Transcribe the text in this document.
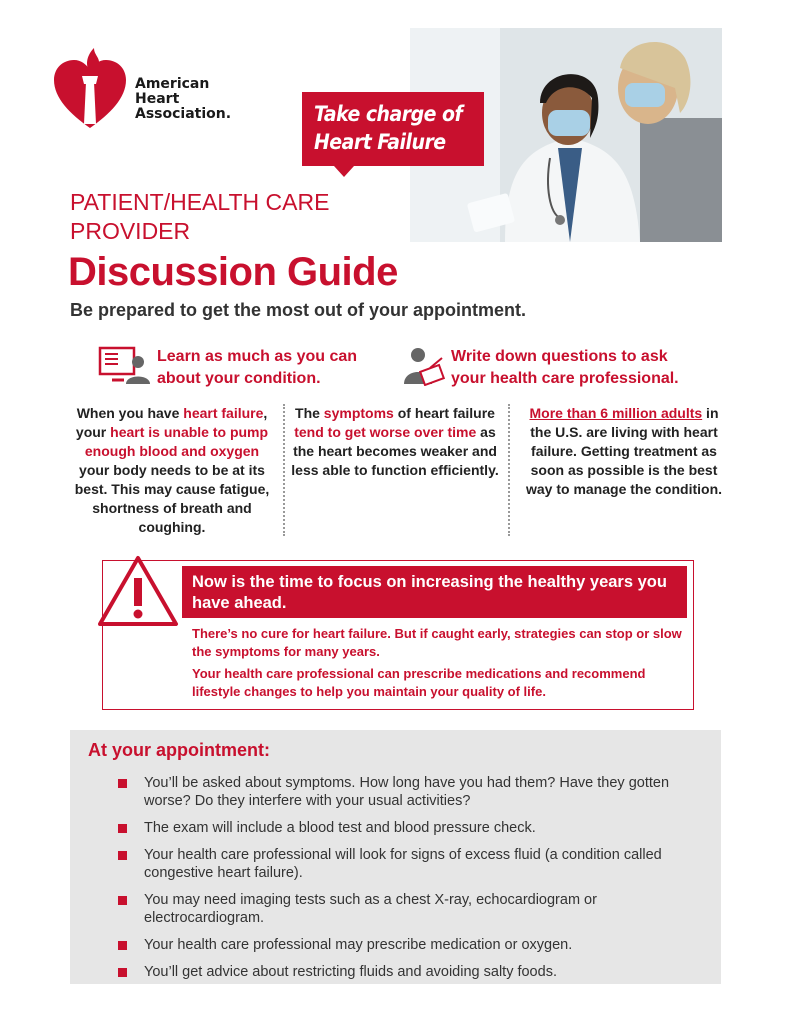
American
Heart
Association.	Take charge of
Heart Failure
PATIENT/HEALTH CARE
PROVIDER
Discussion Guide
Be prepared to get the most out of your appointment.
Learn as much as you can
about your condition.
Write down questions to ask
your health care professional.
When you have heart failure, your heart is unable to pump enough blood and oxygen your body needs to be at its best. This may cause fatigue, shortness of breath and coughing.
The symptoms of heart failure tend to get worse over time as the heart becomes weaker and less able to function efficiently.
More than 6 million adults in the U.S. are living with heart failure. Getting treatment as soon as possible is the best way to manage the condition.
Now is the time to focus on increasing the healthy years you have ahead.
There’s no cure for heart failure. But if caught early, strategies can stop or slow the symptoms for many years.
Your health care professional can prescribe medications and recommend lifestyle changes to help you maintain your quality of life.
At your appointment:
You’ll be asked about symptoms. How long have you had them? Have they gotten worse? Do they interfere with your usual activities?
The exam will include a blood test and blood pressure check.
Your health care professional will look for signs of excess fluid (a condition called congestive heart failure).
You may need imaging tests such as a chest X-ray, echocardiogram or electrocardiogram.
Your health care professional may prescribe medication or oxygen.
You’ll get advice about restricting fluids and avoiding salty foods.
